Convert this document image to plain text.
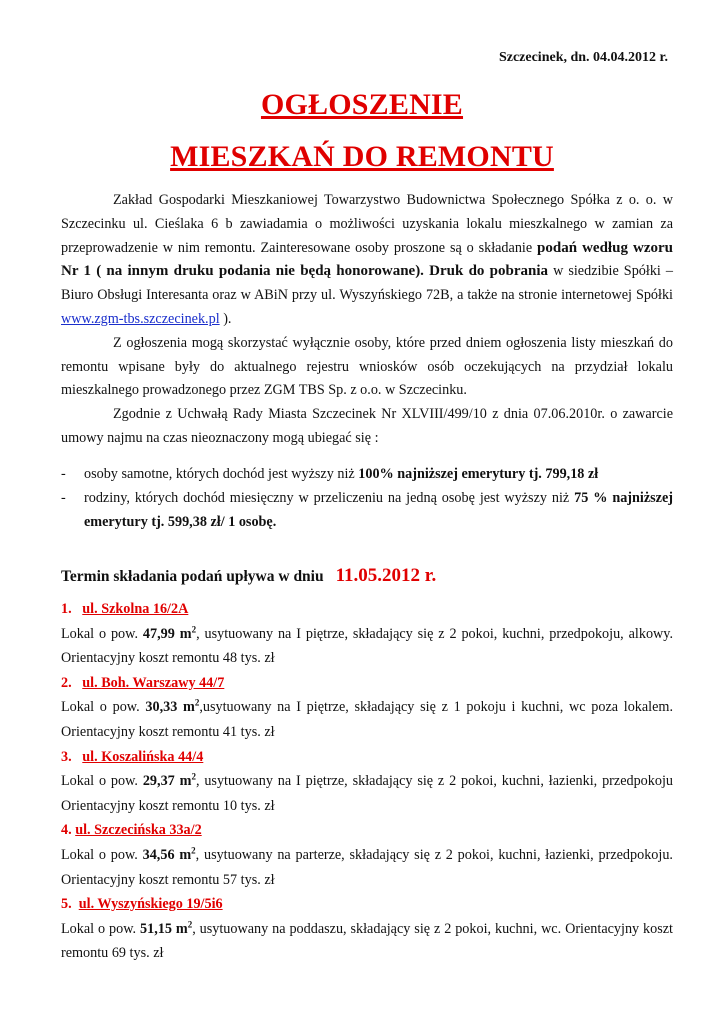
Szczecinek, dn. 04.04.2012 r.
OGŁOSZENIE
MIESZKAŃ DO REMONTU

Zakład Gospodarki Mieszkaniowej Towarzystwo Budownictwa Społecznego Spółka z o. o. w Szczecinku ul. Cieślaka 6 b zawiadamia o możliwości uzyskania lokalu mieszkalnego w zamian za przeprowadzenie w nim remontu. Zainteresowane osoby proszone są o składanie podań według wzoru Nr 1 ( na innym druku podania nie będą honorowane). Druk do pobrania w siedzibie Spółki –Biuro Obsługi Interesanta oraz w ABiN przy ul. Wyszyńskiego 72B, a także na stronie internetowej Spółki www.zgm-tbs.szczecinek.pl ).

Z ogłoszenia mogą skorzystać wyłącznie osoby, które przed dniem ogłoszenia listy mieszkań do remontu wpisane były do aktualnego rejestru wniosków osób oczekujących na przydział lokalu mieszkalnego prowadzonego przez ZGM TBS Sp. z o.o. w Szczecinku.

Zgodnie z Uchwałą Rady Miasta Szczecinek Nr XLVIII/499/10 z dnia 07.06.2010r. o zawarcie umowy najmu na czas nieoznaczony mogą ubiegać się :

- osoby samotne, których dochód jest wyższy niż 100% najniższej emerytury tj. 799,18 zł

- rodziny, których dochód miesięczny w przeliczeniu na jedną osobę jest wyższy niż 75 % najniższej emerytury tj. 599,38 zł/ 1 osobę.

Termin składania podań upływa w dniu 11.05.2012 r.

1. ul. Szkolna 16/2A

Lokal o pow. 47,99 $m^2$, usytuowany na I piętrze, składający się z 2 pokoi, kuchni, przedpokoju, alkowy. Orientacyjny koszt remontu 48 tys. zł

2. ul. Boh. Warszawy 44/7

Lokal o pow. 30,33 $m^2,usytuowany$ na I piętrze, składający się z 1 pokoju i kuchni, wc poza lokalem. Orientacyjny koszt remontu 41 tys. zł

3. ul. Koszalińska 44/4

Lokal o pow. 29,37 $m^2$, usytuowany na I piętrze, składający się z 2 pokoi, kuchni, łazienki, przedpokoju Orientacyjny koszt remontu 10 tys. zł

4. ul. Szczecińska 33a/2

Lokal o pow. 34,56 $m^2$, usytuowany na parterze, składający się z 2 pokoi, kuchni, łazienki, przedpokoju. Orientacyjny koszt remontu 57 tys. zł

5. ul. Wyszyńskiego 19/5i6

Lokal o pow. 51,15 $m^2$, usytuowany na poddaszu, składający się z 2 pokoi, kuchni, wc. Orientacyjny koszt remontu 69 tys. zł
